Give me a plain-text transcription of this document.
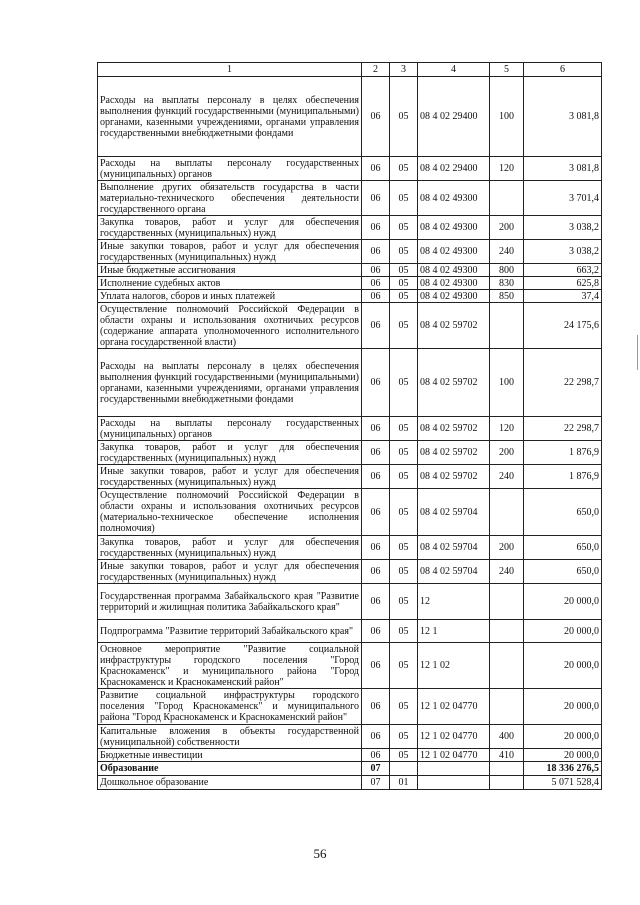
1	2	3	4	5	6
Расходы на выплаты персоналу в целях обеспечения выполнения функций государственными (муниципальными) органами, казенными учреждениями, органами управления государственными внебюджетными фондами	06	05	08 4 02 29400	100	3 081,8
Расходы на выплаты персоналу государственных (муниципальных) органов	06	05	08 4 02 29400	120	3 081,8
Выполнение других обязательств государства в части материально-технического обеспечения деятельности государственного органа	06	05	08 4 02 49300		3 701,4
Закупка товаров, работ и услуг для обеспечения государственных (муниципальных) нужд	06	05	08 4 02 49300	200	3 038,2
Иные закупки товаров, работ и услуг для обеспечения государственных (муниципальных) нужд	06	05	08 4 02 49300	240	3 038,2
Иные бюджетные ассигнования	06	05	08 4 02 49300	800	663,2
Исполнение судебных актов	06	05	08 4 02 49300	830	625,8
Уплата налогов, сборов и иных платежей	06	05	08 4 02 49300	850	37,4
Осуществление полномочий Российской Федерации в области охраны и использования охотничьих ресурсов (содержание аппарата уполномоченного исполнительного органа государственной власти)	06	05	08 4 02 59702		24 175,6
Расходы на выплаты персоналу в целях обеспечения выполнения функций государственными (муниципальными) органами, казенными учреждениями, органами управления государственными внебюджетными фондами	06	05	08 4 02 59702	100	22 298,7
Расходы на выплаты персоналу государственных (муниципальных) органов	06	05	08 4 02 59702	120	22 298,7
Закупка товаров, работ и услуг для обеспечения государственных (муниципальных) нужд	06	05	08 4 02 59702	200	1 876,9
Иные закупки товаров, работ и услуг для обеспечения государственных (муниципальных) нужд	06	05	08 4 02 59702	240	1 876,9
Осуществление полномочий Российской Федерации в области охраны и использования охотничьих ресурсов (материально-техническое обеспечение исполнения полномочия)	06	05	08 4 02 59704		650,0
Закупка товаров, работ и услуг для обеспечения государственных (муниципальных) нужд	06	05	08 4 02 59704	200	650,0
Иные закупки товаров, работ и услуг для обеспечения государственных (муниципальных) нужд	06	05	08 4 02 59704	240	650,0
Государственная программа Забайкальского края "Развитие территорий и жилищная политика Забайкальского края"	06	05	12		20 000,0
Подпрограмма "Развитие территорий Забайкальского края"	06	05	12 1		20 000,0
Основное мероприятие "Развитие социальной инфраструктуры городского поселения "Город Краснокаменск" и муниципального района "Город Краснокаменск и Краснокаменский район"	06	05	12 1 02		20 000,0
Развитие социальной инфраструктуры городского поселения "Город Краснокаменск" и муниципального района "Город Краснокаменск и Краснокаменский район"	06	05	12 1 02 04770		20 000,0
Капитальные вложения в объекты государственной (муниципальной) собственности	06	05	12 1 02 04770	400	20 000,0
Бюджетные инвестиции	06	05	12 1 02 04770	410	20 000,0
Образование	07				18 336 276,5
Дошкольное образование	07	01			5 071 528,4
56
